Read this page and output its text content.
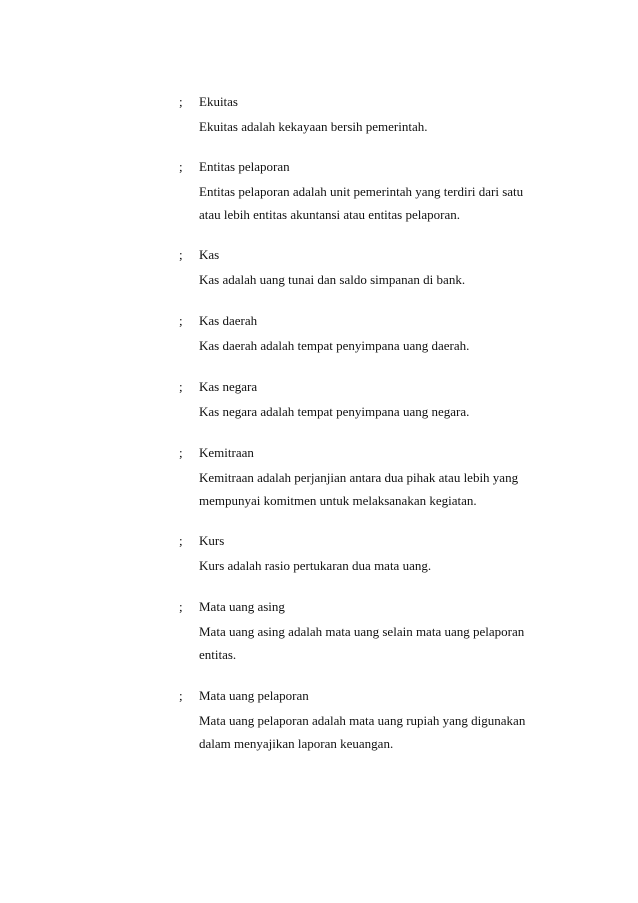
; Ekuitas
Ekuitas adalah kekayaan bersih pemerintah.
; Entitas pelaporan
Entitas pelaporan adalah unit pemerintah yang terdiri dari satu atau lebih entitas akuntansi atau entitas pelaporan.
; Kas
Kas adalah uang tunai dan saldo simpanan di bank.
; Kas daerah
Kas daerah adalah tempat penyimpana uang daerah.
; Kas negara
Kas negara adalah tempat penyimpana uang negara.
; Kemitraan
Kemitraan adalah perjanjian antara dua pihak atau lebih yang mempunyai komitmen untuk melaksanakan kegiatan.
; Kurs
Kurs adalah rasio pertukaran dua mata uang.
; Mata uang asing
Mata uang asing adalah mata uang selain mata uang pelaporan entitas.
; Mata uang pelaporan
Mata uang pelaporan adalah mata uang rupiah yang digunakan dalam menyajikan laporan keuangan.
